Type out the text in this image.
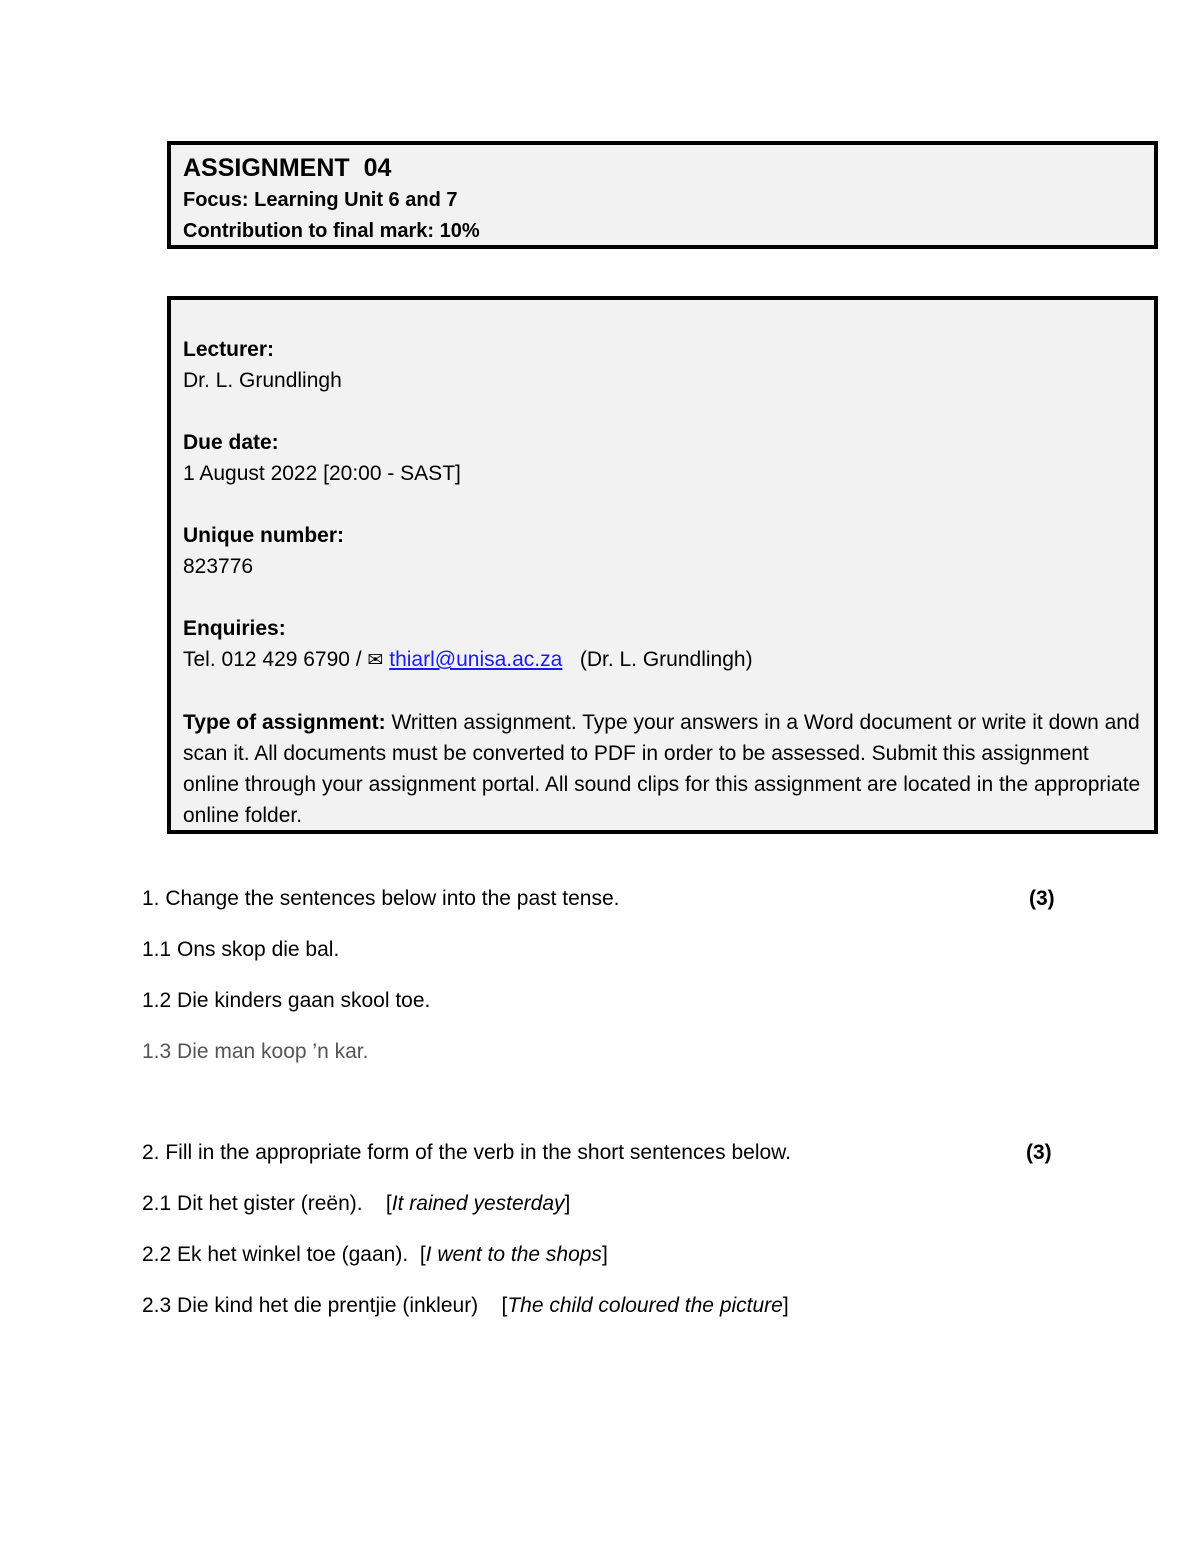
ASSIGNMENT  04
Focus: Learning Unit 6 and 7
Contribution to final mark: 10%
Lecturer:
Dr. L. Grundlingh
Due date:
1 August 2022 [20:00 - SAST]
Unique number:
823776
Enquiries:
Tel. 012 429 6790 / ✉ thiarl@unisa.ac.za   (Dr. L. Grundlingh)
Type of assignment: Written assignment. Type your answers in a Word document or write it down and scan it. All documents must be converted to PDF in order to be assessed. Submit this assignment online through your assignment portal. All sound clips for this assignment are located in the appropriate online folder.
1. Change the sentences below into the past tense.	(3)
1.1 Ons skop die bal.
1.2 Die kinders gaan skool toe.
1.3 Die man koop ’n kar.
2. Fill in the appropriate form of the verb in the short sentences below.	(3)
2.1 Dit het gister (reën).    [It rained yesterday]
2.2 Ek het winkel toe (gaan).  [I went to the shops]
2.3 Die kind het die prentjie (inkleur)    [The child coloured the picture]
